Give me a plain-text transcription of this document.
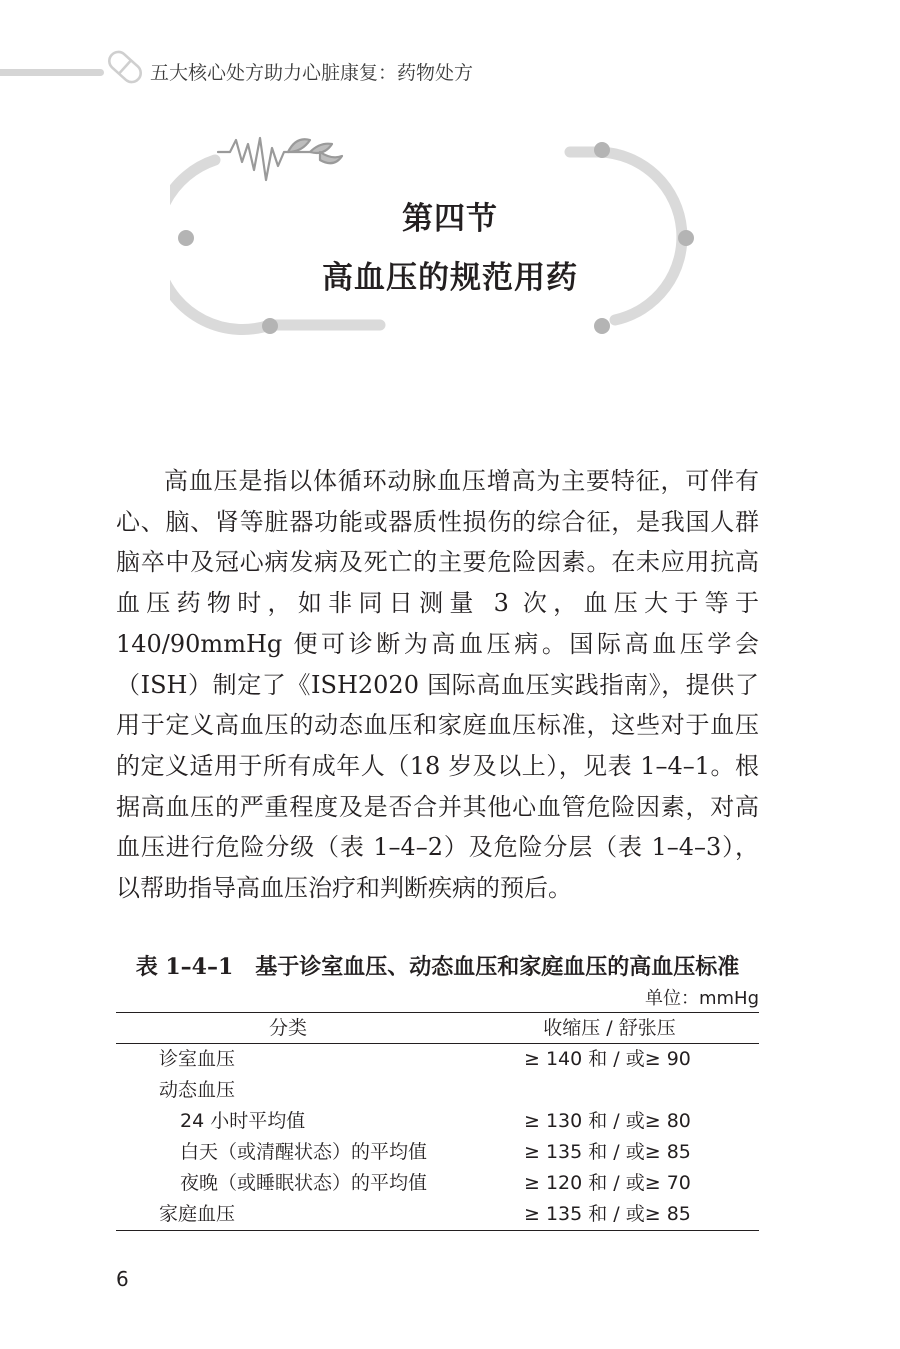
五大核心处方助力心脏康复：药物处方
第四节
高血压的规范用药

高血压是指以体循环动脉血压增高为主要特征，可伴有心、脑、肾等脏器功能或器质性损伤的综合征，是我国人群脑卒中及冠心病发病及死亡的主要危险因素。在未应用抗高血压药物时，如非同日测量 3 次，血压大于等于 140/90mmHg 便可诊断为高血压病。国际高血压学会（ISH）制定了《ISH2020 国际高血压实践指南》，提供了用于定义高血压的动态血压和家庭血压标准，这些对于血压的定义适用于所有成年人（18 岁及以上），见表 1–4–1。根据高血压的严重程度及是否合并其他心血管危险因素，对高血压进行危险分级（表 1–4–2）及危险分层（表 1–4–3），以帮助指导高血压治疗和判断疾病的预后。

表 1–4–1　基于诊室血压、动态血压和家庭血压的高血压标准
单位：mmHg
分类	收缩压 / 舒张压
诊室血压	≥ 140 和 / 或≥ 90
动态血压
24 小时平均值	≥ 130 和 / 或≥ 80
白天（或清醒状态）的平均值	≥ 135 和 / 或≥ 85
夜晚（或睡眠状态）的平均值	≥ 120 和 / 或≥ 70
家庭血压	≥ 135 和 / 或≥ 85
6
